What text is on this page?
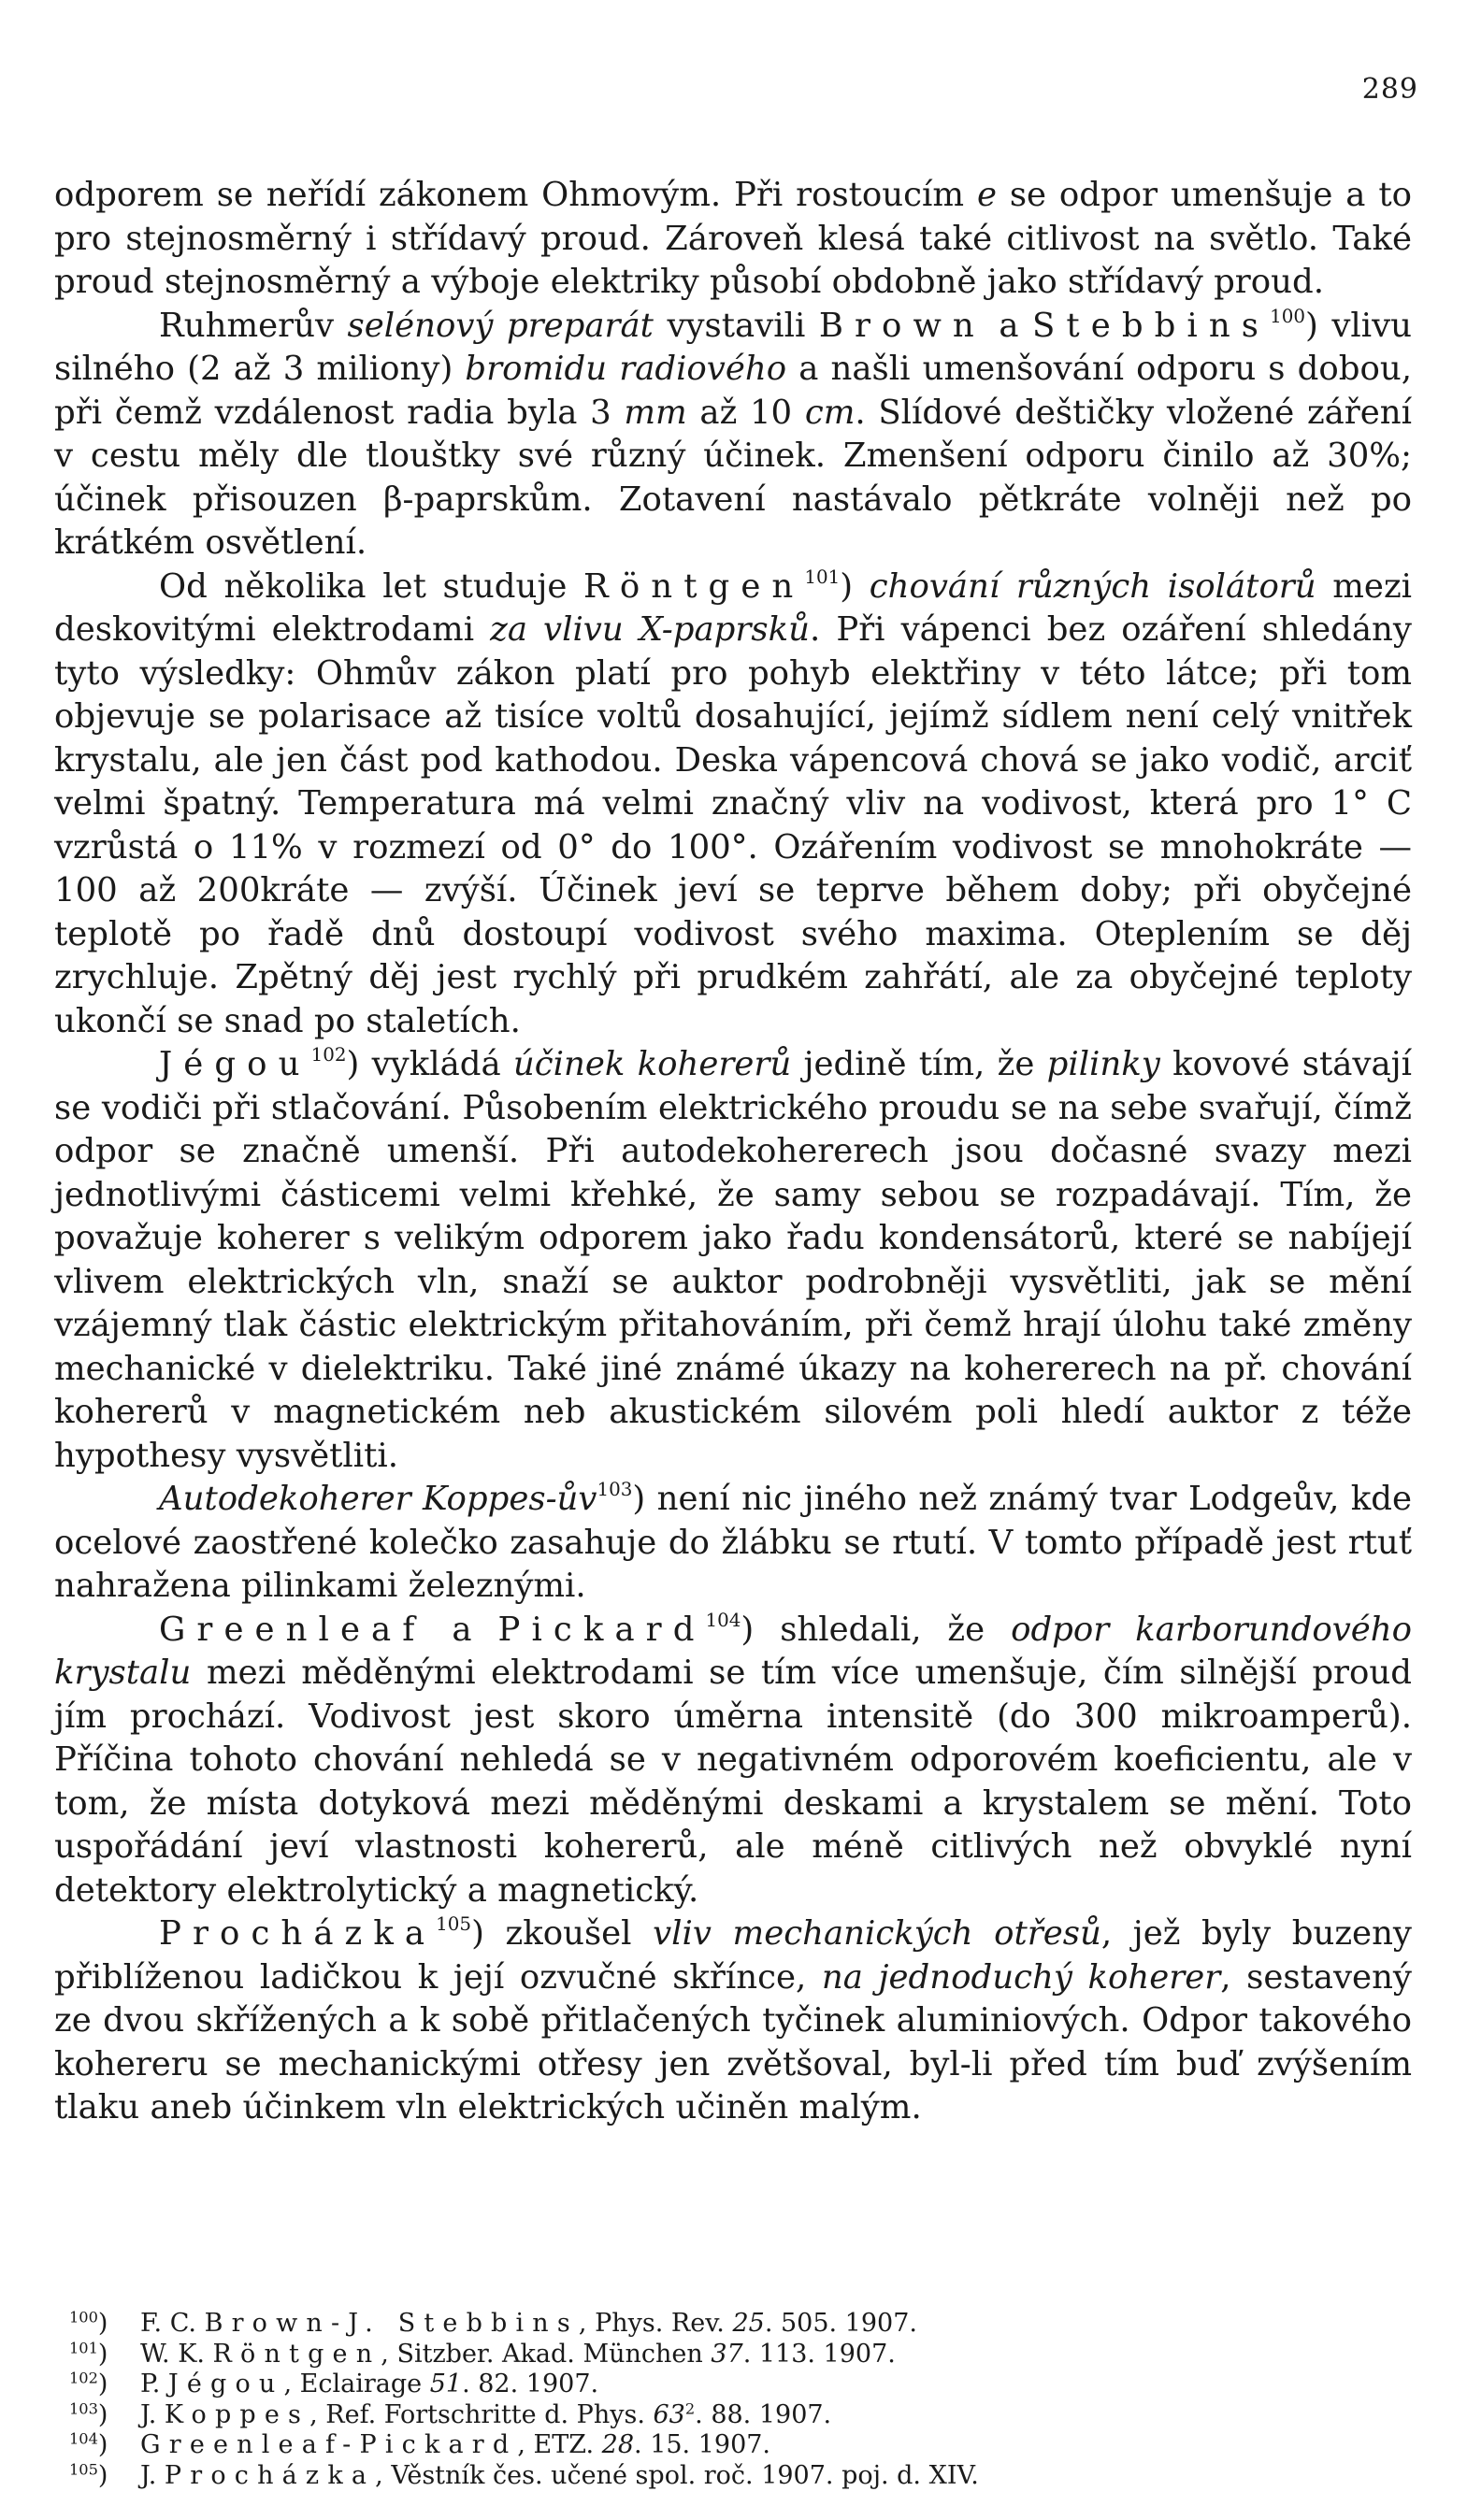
289

odporem se neřídí zákonem Ohmovým. Při rostoucím e se odpor umenšuje a to pro stejnosměrný i střídavý proud. Zároveň klesá také citlivost na světlo. Také proud stejnosměrný a výboje elektriky působí obdobně jako střídavý proud.

Ruhmerův selénový preparát vystavili Brown a Stebbins$^{100}$) vlivu silného (2 až 3 miliony) bromidu radiového a našli umenšování odporu s dobou, při čemž vzdálenost radia byla 3 mm až 10 cm. Slídové deštičky vložené záření v cestu měly dle tlouštky své různý účinek. Zmenšení odporu činilo až 30%; účinek přisouzen β-paprskům. Zotavení nastávalo pětkráte volněji než po krátkém osvětlení.

Od několika let studuje Röntgen$^{101}$) chování různých isolátorů mezi deskovitými elektrodami za vlivu X-paprsků. Při vápenci bez ozáření shledány tyto výsledky: Ohmův zákon platí pro pohyb elektřiny v této látce; při tom objevuje se polarisace až tisíce voltů dosahující, jejímž sídlem není celý vnitřek krystalu, ale jen část pod kathodou. Deska vápencová chová se jako vodič, arciť velmi špatný. Temperatura má velmi značný vliv na vodivost, která pro 1° C vzrůstá o 11% v rozmezí od 0° do 100°. Ozářením vodivost se mnohokráte — 100 až 200kráte — zvýší. Účinek jeví se teprve během doby; při obyčejné teplotě po řadě dnů dostoupí vodivost svého maxima. Oteplením se děj zrychluje. Zpětný děj jest rychlý při prudkém zahřátí, ale za obyčejné teploty ukončí se snad po staletích.

Jégou$^{102}$) vykládá účinek kohererů jedině tím, že pilinky kovové stávají se vodiči při stlačování. Působením elektrického proudu se na sebe svařují, čímž odpor se značně umenší. Při autodekohererech jsou dočasné svazy mezi jednotlivými částicemi velmi křehké, že samy sebou se rozpadávají. Tím, že považuje koherer s velikým odporem jako řadu kondensátorů, které se nabíjejí vlivem elektrických vln, snaží se auktor podrobněji vysvětliti, jak se mění vzájemný tlak částic elektrickým přitahováním, při čemž hrají úlohu také změny mechanické v dielektriku. Také jiné známé úkazy na kohererech na př. chování kohererů v magnetickém neb akustickém silovém poli hledí auktor z téže hypothesy vysvětliti.

Autodekoherer Koppes-$ův^{103}$) není nic jiného než známý tvar Lodgeův, kde ocelové zaostřené kolečko zasahuje do žlábku se rtutí. V tomto případě jest rtuť nahražena pilinkami železnými.

Greenleaf a Pickard$^{104}$) shledali, že odpor karborundového krystalu mezi měděnými elektrodami se tím více umenšuje, čím silnější proud jím prochází. Vodivost jest skoro úměrna intensitě (do 300 mikroamperů). Příčina tohoto chování nehledá se v negativném odporovém koeficientu, ale v tom, že místa dotyková mezi měděnými deskami a krystalem se mění. Toto uspořádání jeví vlastnosti kohererů, ale méně citlivých než obvyklé nyní detektory elektrolytický a magnetický.

Procházka$^{105}$) zkoušel vliv mechanických otřesů, jež byly buzeny přiblíženou ladičkou k její ozvučné skřínce, na jednoduchý koherer, sestavený ze dvou skřížených a k sobě přitlačených tyčinek aluminiových. Odpor takového kohereru se mechanickými otřesy jen zvětšoval, byl-li před tím buď zvýšením tlaku aneb účinkem vln elektrických učiněn malým.

$^{100}$) F. C. Brown-J. Stebbins, Phys. Rev. 25. 505. 1907.
$^{101}$) W. K. Röntgen, Sitzber. Akad. München 37. 113. 1907.
$^{102}$) P. Jégou, Eclairage 51. 82. 1907.
$^{103}$) J. Koppes, Ref. Fortschritte d. Phys. $63^2$. 88. 1907.
$^{104}$) Greenleaf-Pickard, ETZ. 28. 15. 1907.
$^{105}$) J. Procházka, Věstník čes. učené spol. roč. 1907. poj. d. XIV.
